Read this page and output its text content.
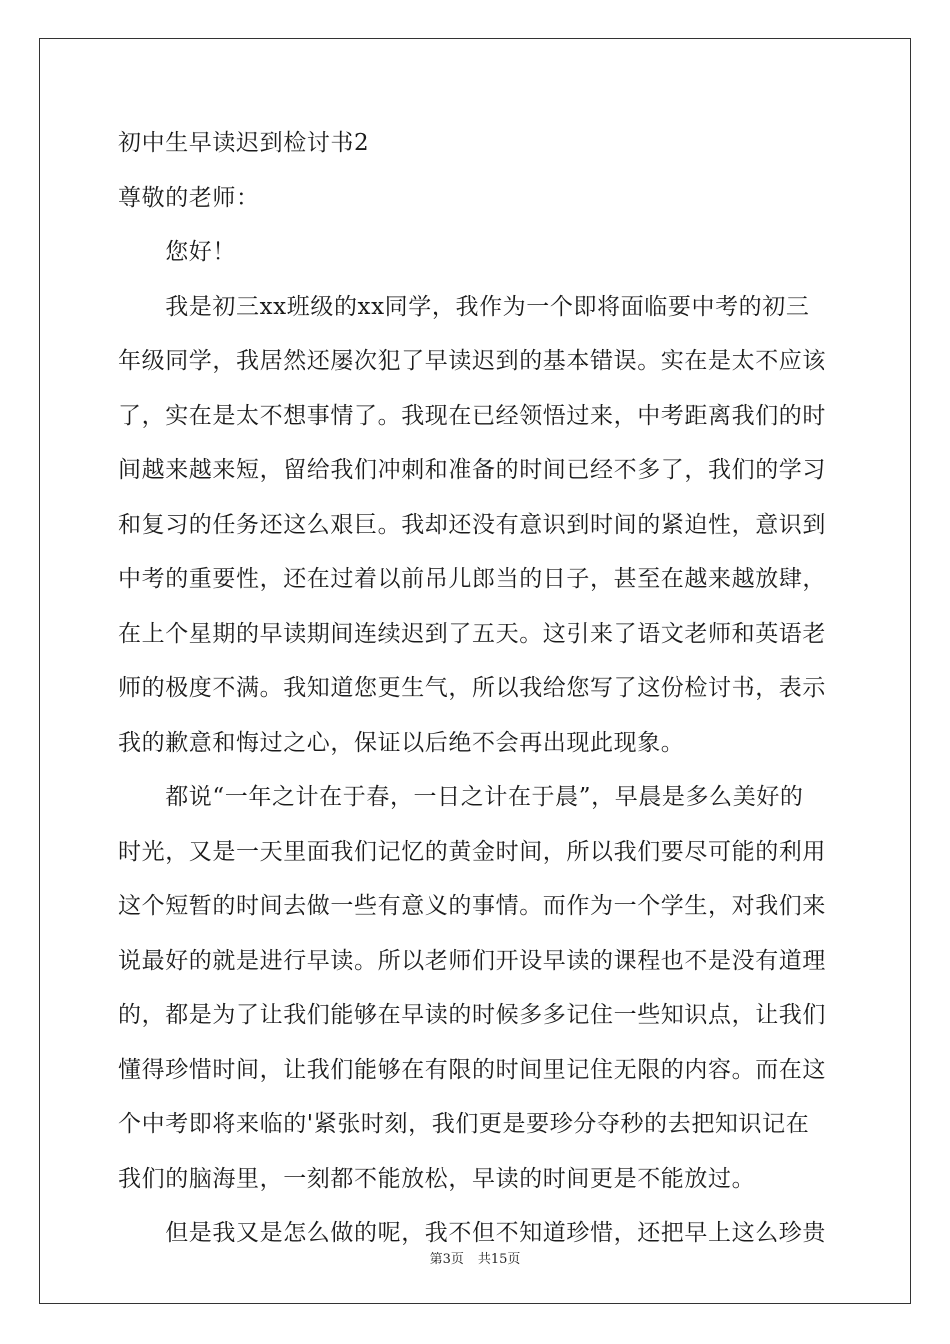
初中生早读迟到检讨书2
尊敬的老师：
　　您好！
　　我是初三xx班级的xx同学，我作为一个即将面临要中考的初三
年级同学，我居然还屡次犯了早读迟到的基本错误。实在是太不应该
了，实在是太不想事情了。我现在已经领悟过来，中考距离我们的时
间越来越来短，留给我们冲刺和准备的时间已经不多了，我们的学习
和复习的任务还这么艰巨。我却还没有意识到时间的紧迫性，意识到
中考的重要性，还在过着以前吊儿郎当的日子，甚至在越来越放肆，
在上个星期的早读期间连续迟到了五天。这引来了语文老师和英语老
师的极度不满。我知道您更生气，所以我给您写了这份检讨书，表示
我的歉意和悔过之心，保证以后绝不会再出现此现象。
　　都说“一年之计在于春，一日之计在于晨”，早晨是多么美好的
时光，又是一天里面我们记忆的黄金时间，所以我们要尽可能的利用
这个短暂的时间去做一些有意义的事情。而作为一个学生，对我们来
说最好的就是进行早读。所以老师们开设早读的课程也不是没有道理
的，都是为了让我们能够在早读的时候多多记住一些知识点，让我们
懂得珍惜时间，让我们能够在有限的时间里记住无限的内容。而在这
个中考即将来临的'紧张时刻，我们更是要珍分夺秒的去把知识记在
我们的脑海里，一刻都不能放松，早读的时间更是不能放过。
　　但是我又是怎么做的呢，我不但不知道珍惜，还把早上这么珍贵
第3页 共15页
